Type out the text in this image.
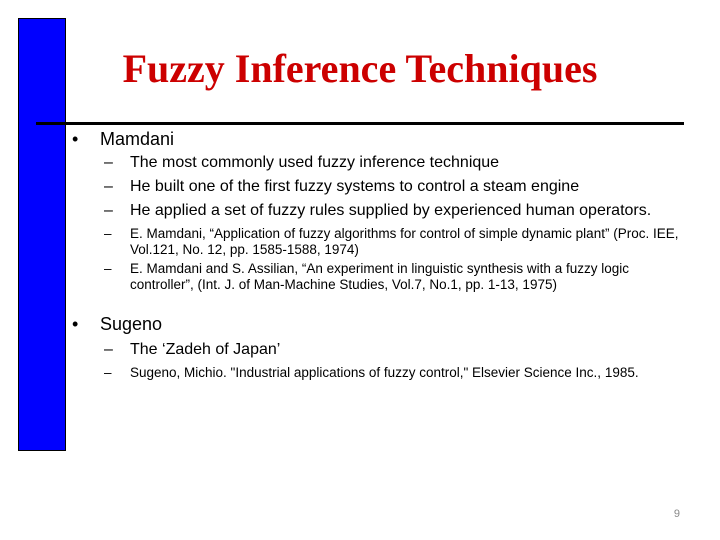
Fuzzy Inference Techniques
• Mamdani
– The most commonly used fuzzy inference technique
– He built one of the first fuzzy systems to control a steam engine
– He applied a set of fuzzy rules supplied by experienced human operators.
– E. Mamdani, “Application of fuzzy algorithms for control of simple dynamic plant” (Proc. IEE, Vol.121, No. 12, pp. 1585-1588, 1974)
– E. Mamdani and S. Assilian, “An experiment in linguistic synthesis with a fuzzy logic controller”, (Int. J. of Man-Machine Studies, Vol.7, No.1, pp. 1-13, 1975)
• Sugeno
– The ‘Zadeh of Japan’
– Sugeno, Michio. "Industrial applications of fuzzy control," Elsevier Science Inc., 1985.
9
